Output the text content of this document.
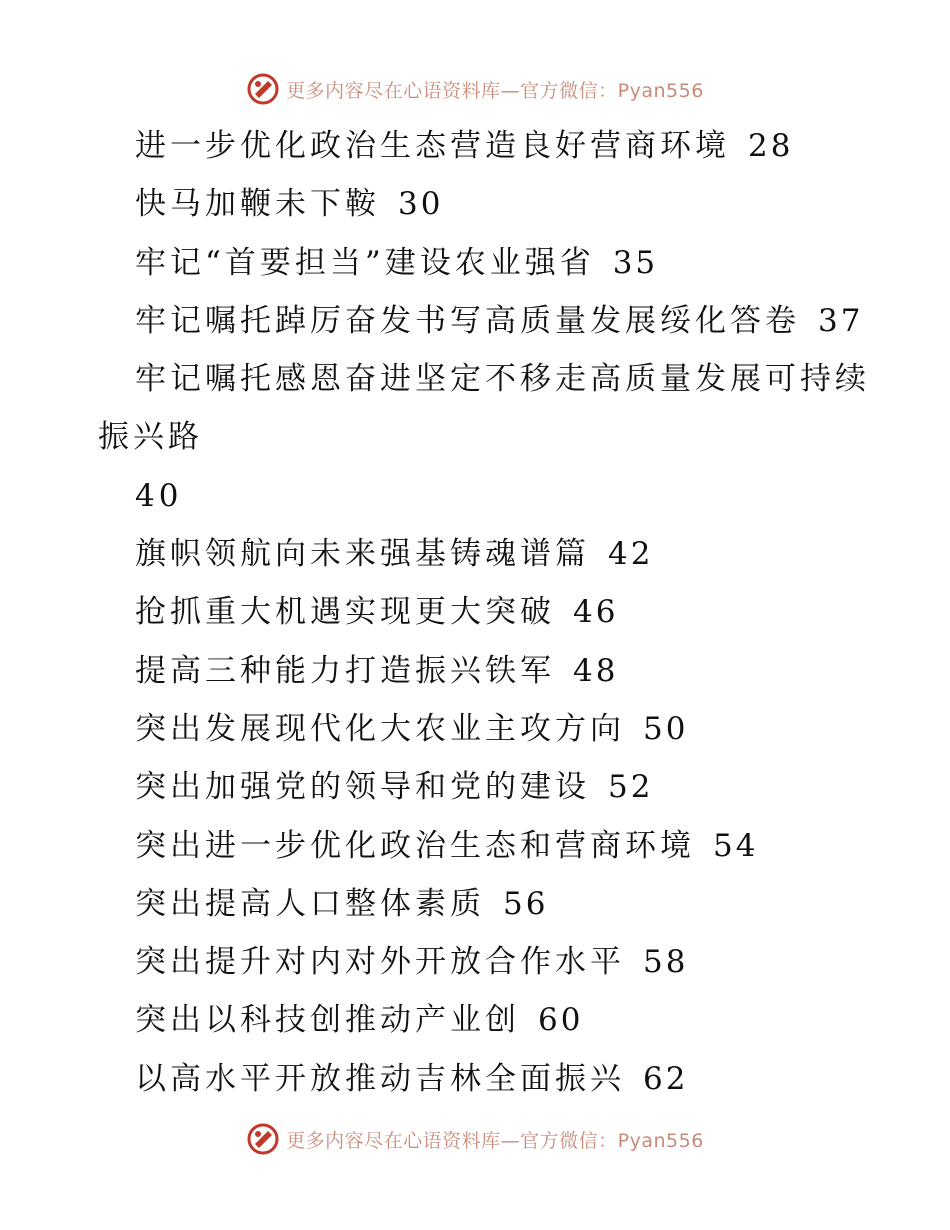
更多内容尽在心语资料库—官方微信：Pyan556
进一步优化政治生态营造良好营商环境 28
快马加鞭未下鞍 30
牢记“首要担当”建设农业强省 35
牢记嘱托踔厉奋发书写高质量发展绥化答卷 37
牢记嘱托感恩奋进坚定不移走高质量发展可持续
振兴路
40
旗帜领航向未来强基铸魂谱篇 42
抢抓重大机遇实现更大突破 46
提高三种能力打造振兴铁军 48
突出发展现代化大农业主攻方向 50
突出加强党的领导和党的建设 52
突出进一步优化政治生态和营商环境 54
突出提高人口整体素质 56
突出提升对内对外开放合作水平 58
突出以科技创推动产业创 60
以高水平开放推动吉林全面振兴 62
更多内容尽在心语资料库—官方微信：Pyan556
